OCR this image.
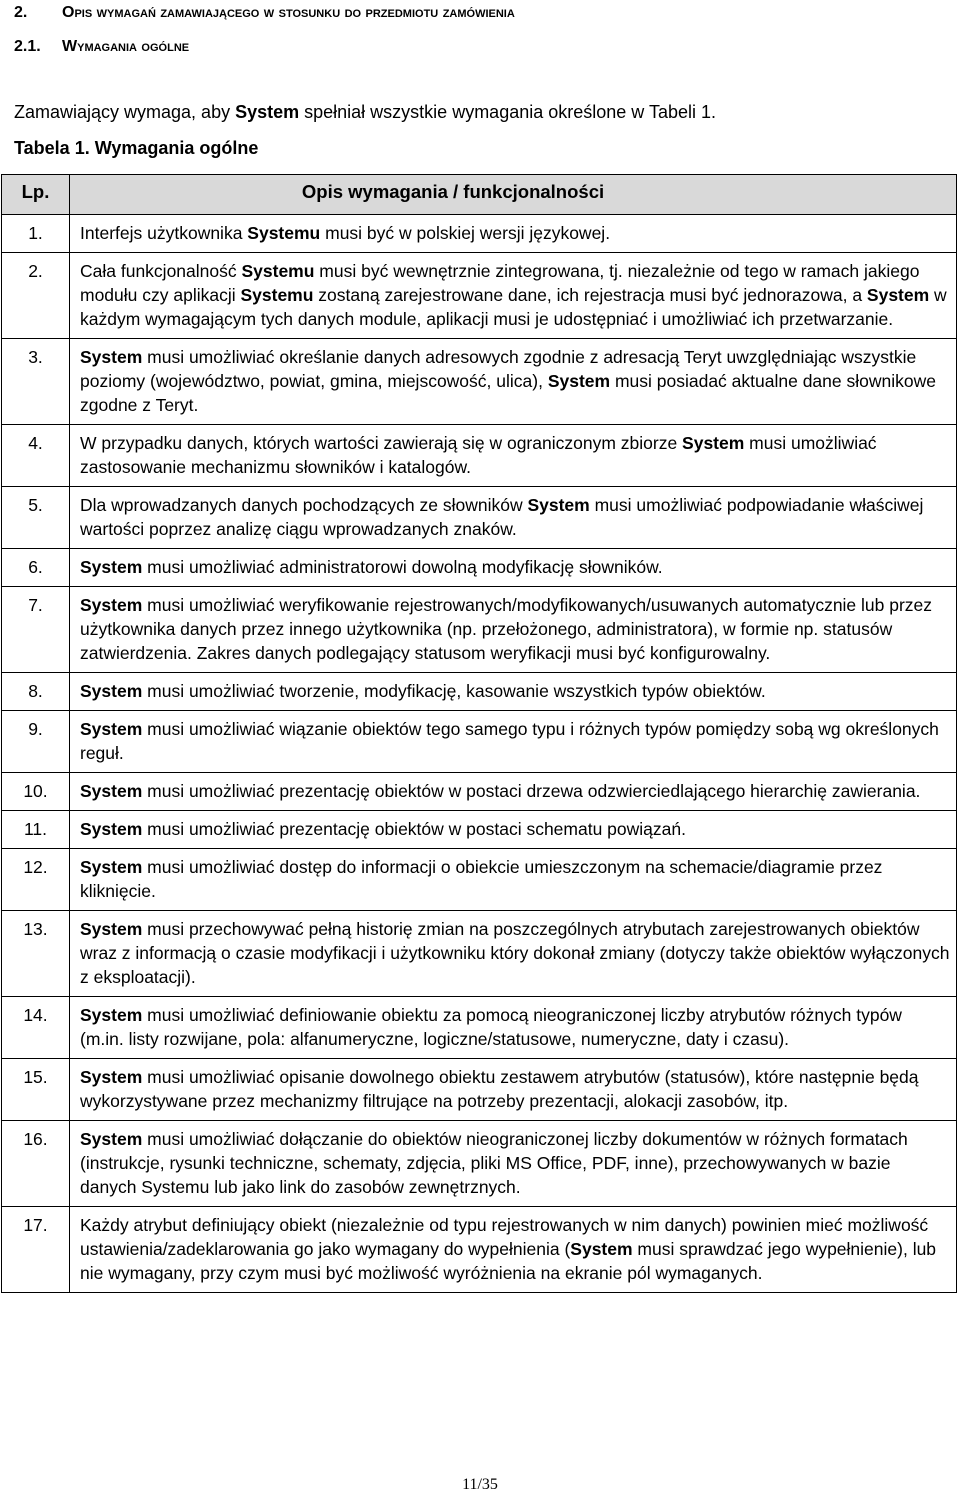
2. Opis wymagań zamawiającego w stosunku do przedmiotu zamówienia
2.1. Wymagania ogólne
Zamawiający wymaga, aby System spełniał wszystkie wymagania określone w Tabeli 1.
Tabela 1. Wymagania ogólne
Lp.	Opis wymagania / funkcjonalności
1.	Interfejs użytkownika Systemu musi być w polskiej wersji językowej.
2.	Cała funkcjonalność Systemu musi być wewnętrznie zintegrowana, tj. niezależnie od tego w ramach jakiego modułu czy aplikacji Systemu zostaną zarejestrowane dane, ich rejestracja musi być jednorazowa, a System w każdym wymagającym tych danych module, aplikacji musi je udostępniać i umożliwiać ich przetwarzanie.
3.	System musi umożliwiać określanie danych adresowych zgodnie z adresacją Teryt uwzględniając wszystkie poziomy (województwo, powiat, gmina, miejscowość, ulica), System musi posiadać aktualne dane słownikowe zgodne z Teryt.
4.	W przypadku danych, których wartości zawierają się w ograniczonym zbiorze System musi umożliwiać zastosowanie mechanizmu słowników i katalogów.
5.	Dla wprowadzanych danych pochodzących ze słowników System musi umożliwiać podpowiadanie właściwej wartości poprzez analizę ciągu wprowadzanych znaków.
6.	System musi umożliwiać administratorowi dowolną modyfikację słowników.
7.	System musi umożliwiać weryfikowanie rejestrowanych/modyfikowanych/usuwanych automatycznie lub przez użytkownika danych przez innego użytkownika (np. przełożonego, administratora), w formie np. statusów zatwierdzenia. Zakres danych podlegający statusom weryfikacji musi być konfigurowalny.
8.	System musi umożliwiać tworzenie, modyfikację, kasowanie wszystkich typów obiektów.
9.	System musi umożliwiać wiązanie obiektów tego samego typu i różnych typów pomiędzy sobą wg określonych reguł.
10.	System musi umożliwiać prezentację obiektów w postaci drzewa odzwierciedlającego hierarchię zawierania.
11.	System musi umożliwiać prezentację obiektów w postaci schematu powiązań.
12.	System musi umożliwiać dostęp do informacji o obiekcie umieszczonym na schemacie/diagramie przez kliknięcie.
13.	System musi przechowywać pełną historię zmian na poszczególnych atrybutach zarejestrowanych obiektów wraz z informacją o czasie modyfikacji i użytkowniku który dokonał zmiany (dotyczy także obiektów wyłączonych z eksploatacji).
14.	System musi umożliwiać definiowanie obiektu za pomocą nieograniczonej liczby atrybutów różnych typów (m.in. listy rozwijane, pola: alfanumeryczne, logiczne/statusowe, numeryczne, daty i czasu).
15.	System musi umożliwiać opisanie dowolnego obiektu zestawem atrybutów (statusów), które następnie będą wykorzystywane przez mechanizmy filtrujące na potrzeby prezentacji, alokacji zasobów, itp.
16.	System musi umożliwiać dołączanie do obiektów nieograniczonej liczby dokumentów w różnych formatach (instrukcje, rysunki techniczne, schematy, zdjęcia, pliki MS Office, PDF, inne), przechowywanych w bazie danych Systemu lub jako link do zasobów zewnętrznych.
17.	Każdy atrybut definiujący obiekt (niezależnie od typu rejestrowanych w nim danych) powinien mieć możliwość ustawienia/zadeklarowania go jako wymagany do wypełnienia (System musi sprawdzać jego wypełnienie), lub nie wymagany, przy czym musi być możliwość wyróżnienia na ekranie pól wymaganych.
11/35
